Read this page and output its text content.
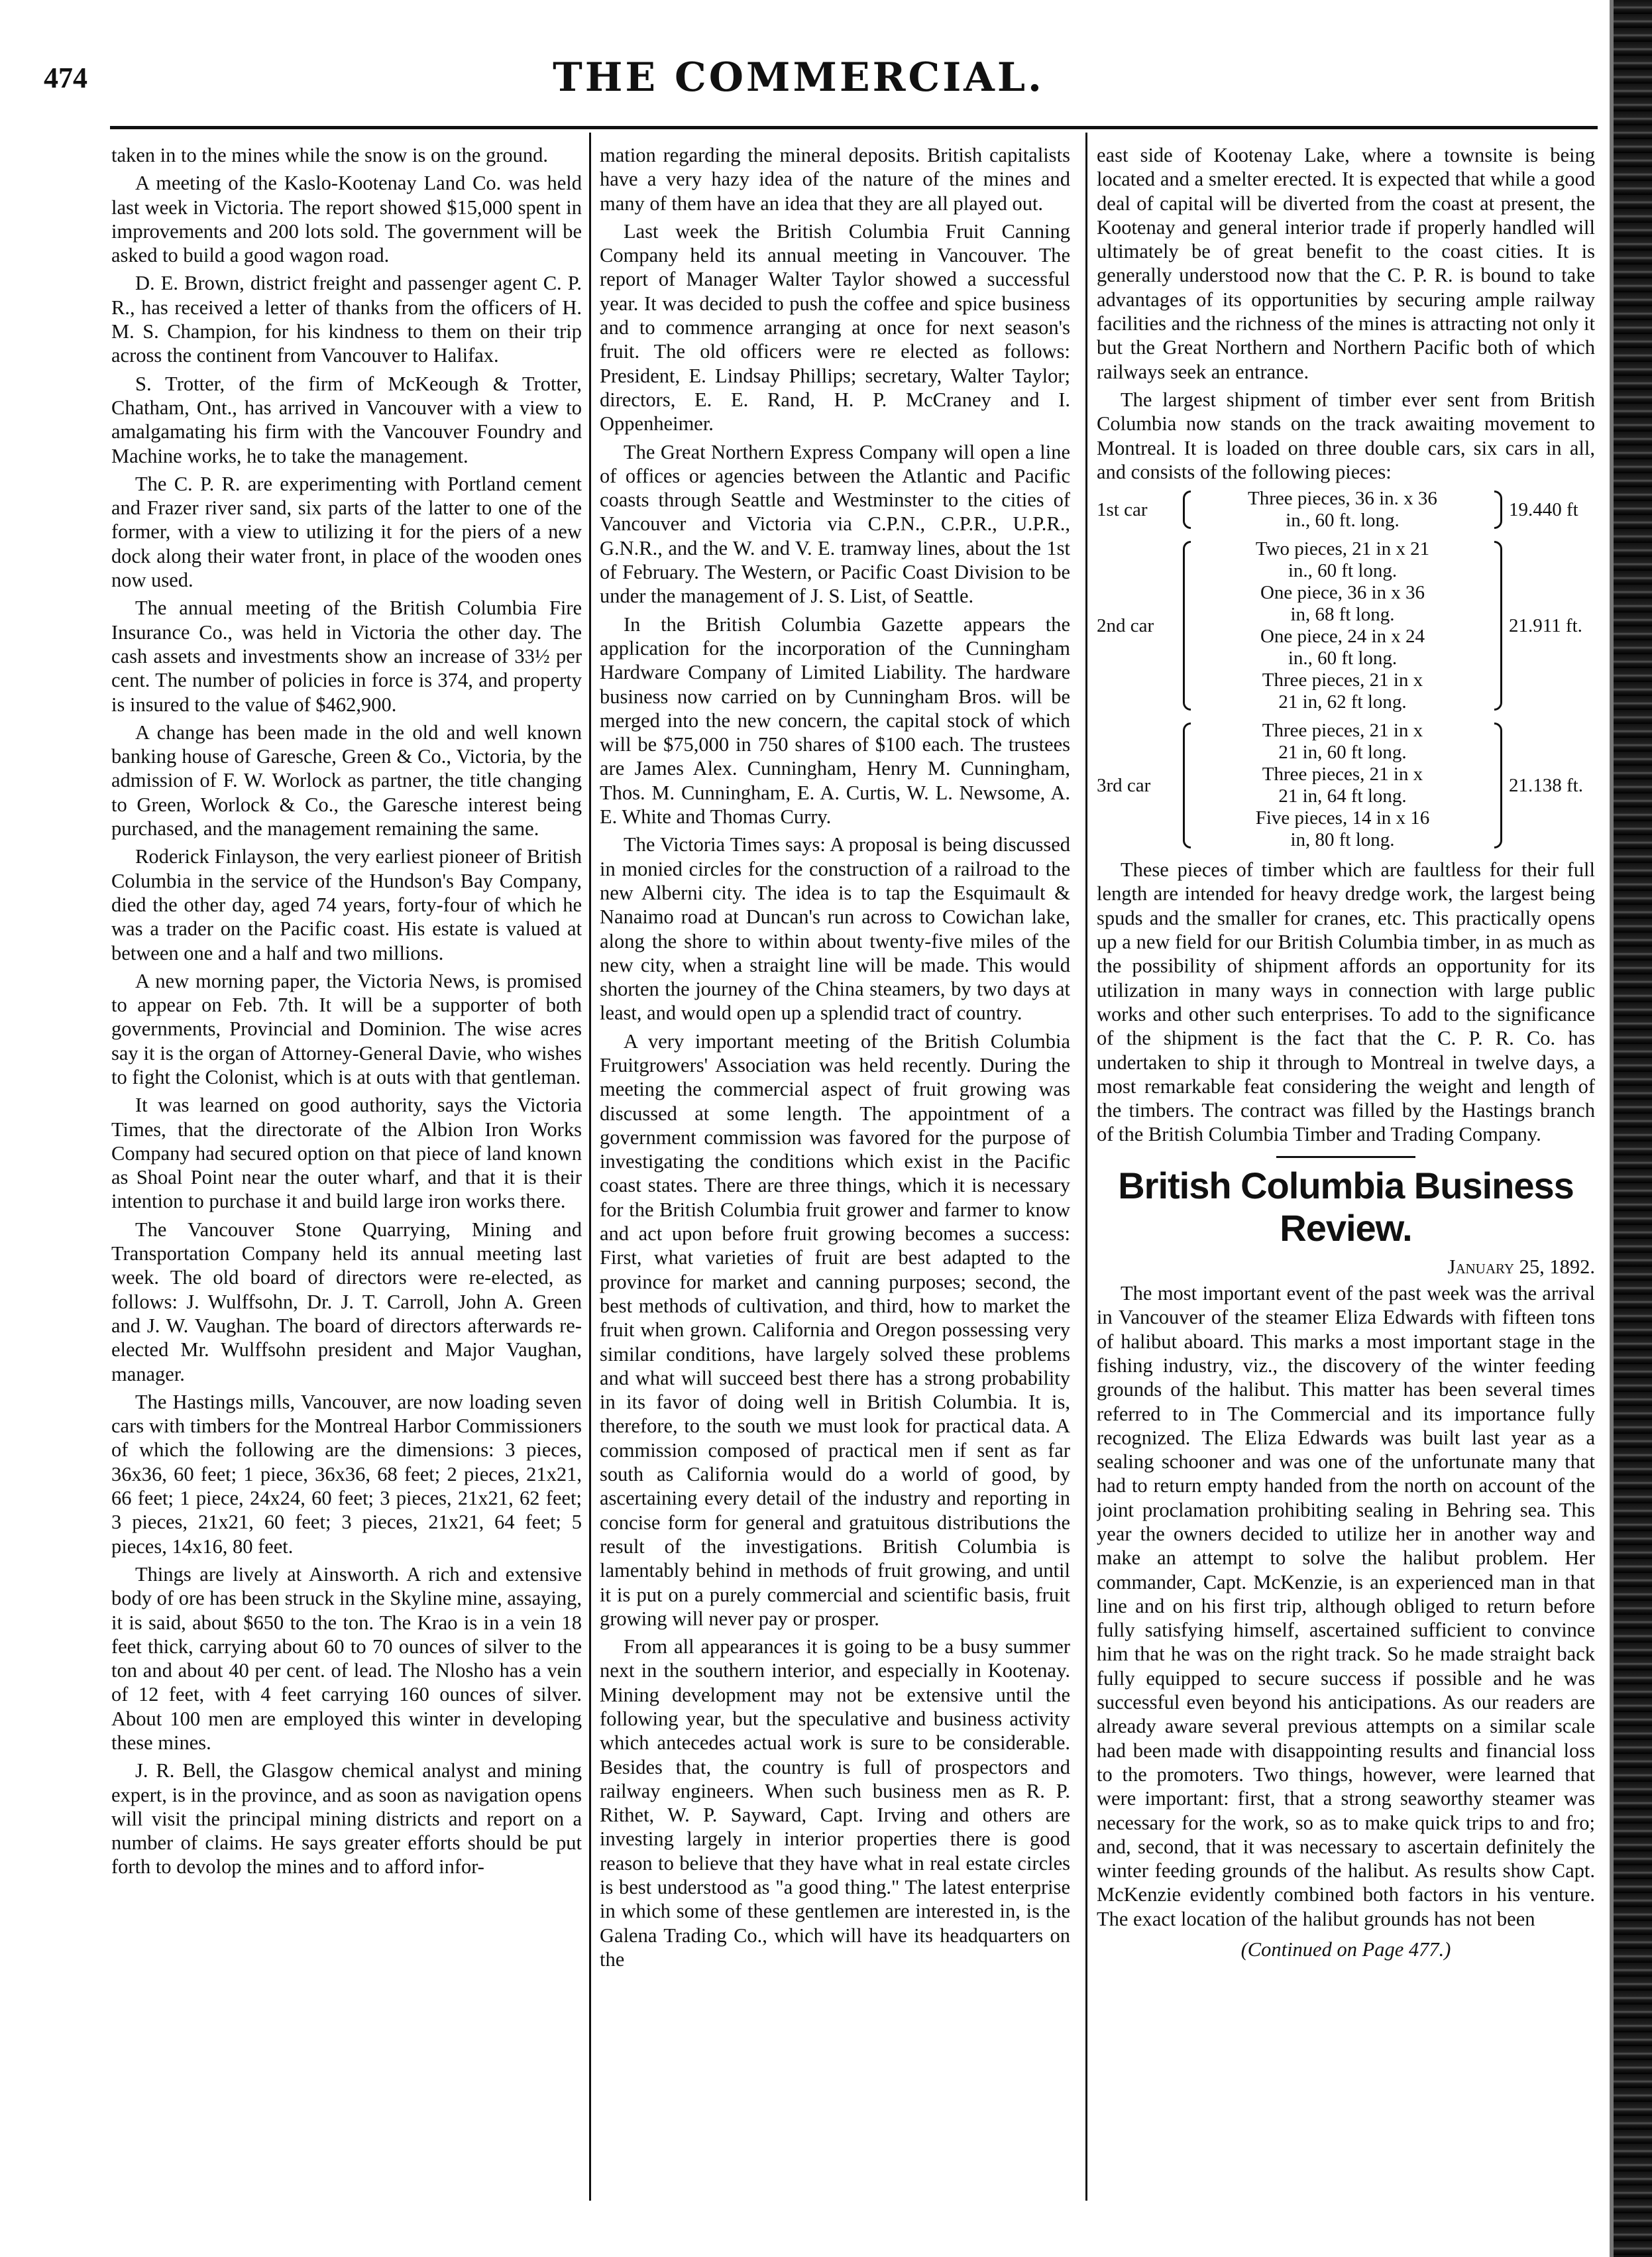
474	THE COMMERCIAL.

taken in to the mines while the snow is on the ground.

A meeting of the Kaslo-Kootenay Land Co. was held last week in Victoria. The report showed $15,000 spent in improvements and 200 lots sold. The government will be asked to build a good wagon road.

D. E. Brown, district freight and passenger agent C. P. R., has received a letter of thanks from the officers of H. M. S. Champion, for his kindness to them on their trip across the continent from Vancouver to Halifax.

S. Trotter, of the firm of McKeough & Trotter, Chatham, Ont., has arrived in Vancouver with a view to amalgamating his firm with the Vancouver Foundry and Machine works, he to take the management.

The C. P. R. are experimenting with Portland cement and Frazer river sand, six parts of the latter to one of the former, with a view to utilizing it for the piers of a new dock along their water front, in place of the wooden ones now used.

The annual meeting of the British Columbia Fire Insurance Co., was held in Victoria the other day. The cash assets and investments show an increase of 33½ per cent. The number of policies in force is 374, and property is insured to the value of $462,900.

A change has been made in the old and well known banking house of Garesche, Green & Co., Victoria, by the admission of F. W. Worlock as partner, the title changing to Green, Worlock & Co., the Garesche interest being purchased, and the management remaining the same.

Roderick Finlayson, the very earliest pioneer of British Columbia in the service of the Hundson's Bay Company, died the other day, aged 74 years, forty-four of which he was a trader on the Pacific coast. His estate is valued at between one and a half and two millions.

A new morning paper, the Victoria News, is promised to appear on Feb. 7th. It will be a supporter of both governments, Provincial and Dominion. The wise acres say it is the organ of Attorney-General Davie, who wishes to fight the Colonist, which is at outs with that gentleman.

It was learned on good authority, says the Victoria Times, that the directorate of the Albion Iron Works Company had secured option on that piece of land known as Shoal Point near the outer wharf, and that it is their intention to purchase it and build large iron works there.

The Vancouver Stone Quarrying, Mining and Transportation Company held its annual meeting last week. The old board of directors were re-elected, as follows: J. Wulffsohn, Dr. J. T. Carroll, John A. Green and J. W. Vaughan. The board of directors afterwards re-elected Mr. Wulffsohn president and Major Vaughan, manager.

The Hastings mills, Vancouver, are now loading seven cars with timbers for the Montreal Harbor Commissioners of which the following are the dimensions: 3 pieces, 36x36, 60 feet; 1 piece, 36x36, 68 feet; 2 pieces, 21x21, 66 feet; 1 piece, 24x24, 60 feet; 3 pieces, 21x21, 62 feet; 3 pieces, 21x21, 60 feet; 3 pieces, 21x21, 64 feet; 5 pieces, 14x16, 80 feet.

Things are lively at Ainsworth. A rich and extensive body of ore has been struck in the Skyline mine, assaying, it is said, about $650 to the ton. The Krao is in a vein 18 feet thick, carrying about 60 to 70 ounces of silver to the ton and about 40 per cent. of lead. The Nlosho has a vein of 12 feet, with 4 feet carrying 160 ounces of silver. About 100 men are employed this winter in developing these mines.

J. R. Bell, the Glasgow chemical analyst and mining expert, is in the province, and as soon as navigation opens will visit the principal mining districts and report on a number of claims. He says greater efforts should be put forth to devolop the mines and to afford infor-

mation regarding the mineral deposits. British capitalists have a very hazy idea of the nature of the mines and many of them have an idea that they are all played out.

Last week the British Columbia Fruit Canning Company held its annual meeting in Vancouver. The report of Manager Walter Taylor showed a successful year. It was decided to push the coffee and spice business and to commence arranging at once for next season's fruit. The old officers were re elected as follows: President, E. Lindsay Phillips; secretary, Walter Taylor; directors, E. E. Rand, H. P. McCraney and I. Oppenheimer.

The Great Northern Express Company will open a line of offices or agencies between the Atlantic and Pacific coasts through Seattle and Westminster to the cities of Vancouver and Victoria via C.P.N., C.P.R., U.P.R., G.N.R., and the W. and V. E. tramway lines, about the 1st of February. The Western, or Pacific Coast Division to be under the management of J. S. List, of Seattle.

In the British Columbia Gazette appears the application for the incorporation of the Cunningham Hardware Company of Limited Liability. The hardware business now carried on by Cunningham Bros. will be merged into the new concern, the capital stock of which will be $75,000 in 750 shares of $100 each. The trustees are James Alex. Cunningham, Henry M. Cunningham, Thos. M. Cunningham, E. A. Curtis, W. L. Newsome, A. E. White and Thomas Curry.

The Victoria Times says: A proposal is being discussed in monied circles for the construction of a railroad to the new Alberni city. The idea is to tap the Esquimault & Nanaimo road at Duncan's run across to Cowichan lake, along the shore to within about twenty-five miles of the new city, when a straight line will be made. This would shorten the journey of the China steamers, by two days at least, and would open up a splendid tract of country.

A very important meeting of the British Columbia Fruitgrowers' Association was held recently. During the meeting the commercial aspect of fruit growing was discussed at some length. The appointment of a government commission was favored for the purpose of investigating the conditions which exist in the Pacific coast states. There are three things, which it is necessary for the British Columbia fruit grower and farmer to know and act upon before fruit growing becomes a success: First, what varieties of fruit are best adapted to the province for market and canning purposes; second, the best methods of cultivation, and third, how to market the fruit when grown. California and Oregon possessing very similar conditions, have largely solved these problems and what will succeed best there has a strong probability in its favor of doing well in British Columbia. It is, therefore, to the south we must look for practical data. A commission composed of practical men if sent as far south as California would do a world of good, by ascertaining every detail of the industry and reporting in concise form for general and gratuitous distributions the result of the investigations. British Columbia is lamentably behind in methods of fruit growing, and until it is put on a purely commercial and scientific basis, fruit growing will never pay or prosper.

From all appearances it is going to be a busy summer next in the southern interior, and especially in Kootenay. Mining development may not be extensive until the following year, but the speculative and business activity which antecedes actual work is sure to be considerable. Besides that, the country is full of prospectors and railway engineers. When such business men as R. P. Rithet, W. P. Sayward, Capt. Irving and others are investing largely in interior properties there is good reason to believe that they have what in real estate circles is best understood as "a good thing." The latest enterprise in which some of these gentlemen are interested in, is the Galena Trading Co., which will have its headquarters on the

east side of Kootenay Lake, where a townsite is being located and a smelter erected. It is expected that while a good deal of capital will be diverted from the coast at present, the Kootenay and general interior trade if properly handled will ultimately be of great benefit to the coast cities. It is generally understood now that the C. P. R. is bound to take advantages of its opportunities by securing ample railway facilities and the richness of the mines is attracting not only it but the Great Northern and Northern Pacific both of which railways seek an entrance.

The largest shipment of timber ever sent from British Columbia now stands on the track awaiting movement to Montreal. It is loaded on three double cars, six cars in all, and consists of the following pieces:

1st car
Three pieces, 36 in. x 36
in., 60 ft. long.
19.440 ft
2nd car
Two pieces, 21 in x 21
in., 60 ft long.
One piece, 36 in x 36
in, 68 ft long.
One piece, 24 in x 24
in., 60 ft long.
Three pieces, 21 in x
21 in, 62 ft long.
21.911 ft.
3rd car
Three pieces, 21 in x
21 in, 60 ft long.
Three pieces, 21 in x
21 in, 64 ft long.
Five pieces, 14 in x 16
in, 80 ft long.
21.138 ft.

These pieces of timber which are faultless for their full length are intended for heavy dredge work, the largest being spuds and the smaller for cranes, etc. This practically opens up a new field for our British Columbia timber, in as much as the possibility of shipment affords an opportunity for its utilization in many ways in connection with large public works and other such enterprises. To add to the significance of the shipment is the fact that the C. P. R. Co. has undertaken to ship it through to Montreal in twelve days, a most remarkable feat considering the weight and length of the timbers. The contract was filled by the Hastings branch of the British Columbia Timber and Trading Company.

British Columbia Business Review.
January 25, 1892.

The most important event of the past week was the arrival in Vancouver of the steamer Eliza Edwards with fifteen tons of halibut aboard. This marks a most important stage in the fishing industry, viz., the discovery of the winter feeding grounds of the halibut. This matter has been several times referred to in The Commercial and its importance fully recognized. The Eliza Edwards was built last year as a sealing schooner and was one of the unfortunate many that had to return empty handed from the north on account of the joint proclamation prohibiting sealing in Behring sea. This year the owners decided to utilize her in another way and make an attempt to solve the halibut problem. Her commander, Capt. McKenzie, is an experienced man in that line and on his first trip, although obliged to return before fully satisfying himself, ascertained sufficient to convince him that he was on the right track. So he made straight back fully equipped to secure success if possible and he was successful even beyond his anticipations. As our readers are already aware several previous attempts on a similar scale had been made with disappointing results and financial loss to the promoters. Two things, however, were learned that were important: first, that a strong seaworthy steamer was necessary for the work, so as to make quick trips to and fro; and, second, that it was necessary to ascertain definitely the winter feeding grounds of the halibut. As results show Capt. McKenzie evidently combined both factors in his venture. The exact location of the halibut grounds has not been

(Continued on Page 477.)
